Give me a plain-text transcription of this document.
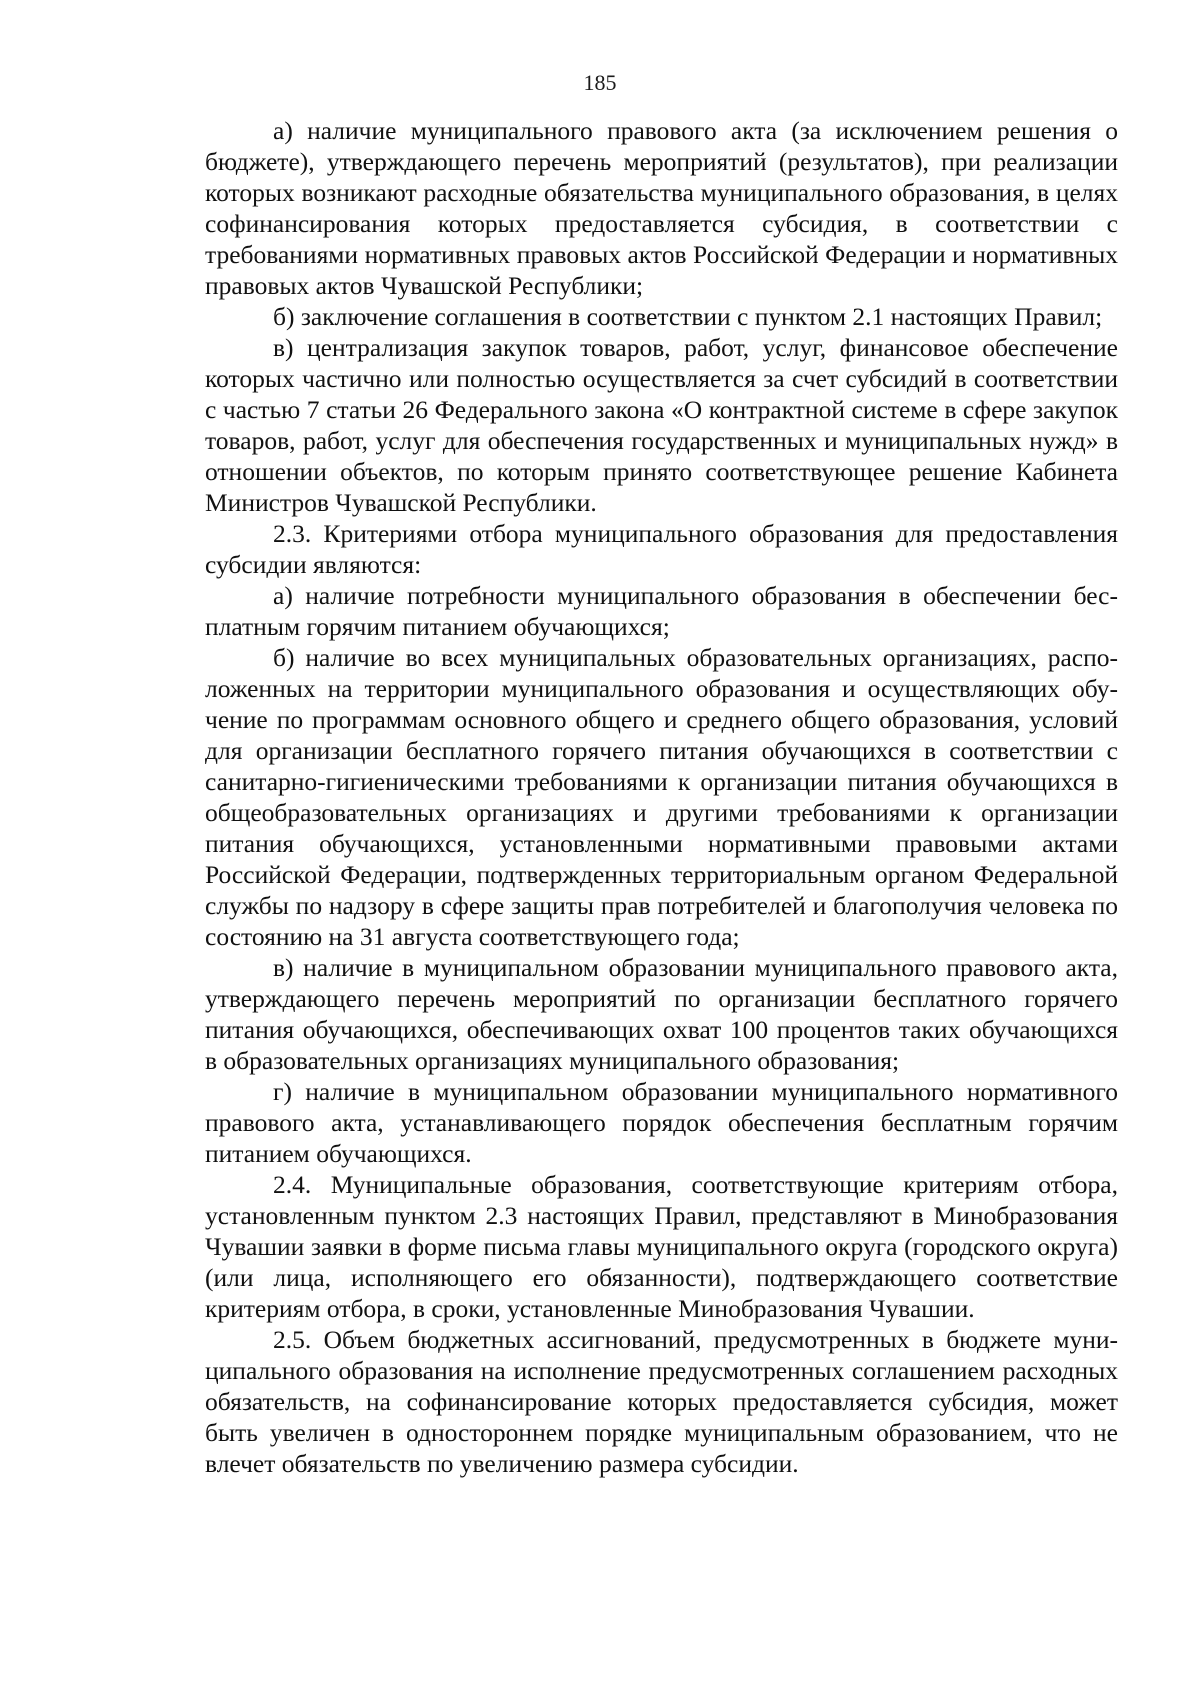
185

а) наличие муниципального правового акта (за исключением решения о бюджете), утверждающего перечень мероприятий (результатов), при реализации которых возникают расходные обязательства муниципального образования, в целях софинансирования которых предоставляется субсидия, в соответствии с требованиями нормативных правовых актов Российской Федерации и нормативных правовых актов Чувашской Республики;

б) заключение соглашения в соответствии с пунктом 2.1 настоящих Правил;

в) централизация закупок товаров, работ, услуг, финансовое обеспечение которых частично или полностью осуществляется за счет субсидий в соответствии с частью 7 статьи 26 Федерального закона «О контрактной системе в сфере закупок товаров, работ, услуг для обеспечения государственных и муниципальных нужд» в отношении объектов, по которым принято соответствующее решение Кабинета Министров Чувашской Республики.

2.3. Критериями отбора муниципального образования для предоставления субсидии являются:

а) наличие потребности муниципального образования в обеспечении бесплатным горячим питанием обучающихся;

б) наличие во всех муниципальных образовательных организациях, расположенных на территории муниципального образования и осуществляющих обучение по программам основного общего и среднего общего образования, условий для организации бесплатного горячего питания обучающихся в соответствии с санитарно-гигиеническими требованиями к организации питания обучающихся в общеобразовательных организациях и другими требованиями к организации питания обучающихся, установленными нормативными правовыми актами Российской Федерации, подтвержденных территориальным органом Федеральной службы по надзору в сфере защиты прав потребителей и благополучия человека по состоянию на 31 августа соответствующего года;

в) наличие в муниципальном образовании муниципального правового акта, утверждающего перечень мероприятий по организации бесплатного горячего питания обучающихся, обеспечивающих охват 100 процентов таких обучающихся в образовательных организациях муниципального образования;

г) наличие в муниципальном образовании муниципального нормативного правового акта, устанавливающего порядок обеспечения бесплатным горячим питанием обучающихся.

2.4. Муниципальные образования, соответствующие критериям отбора, установленным пунктом 2.3 настоящих Правил, представляют в Минобразования Чувашии заявки в форме письма главы муниципального округа (городского округа) (или лица, исполняющего его обязанности), подтверждающего соответствие критериям отбора, в сроки, установленные Минобразования Чувашии.

2.5. Объем бюджетных ассигнований, предусмотренных в бюджете муниципального образования на исполнение предусмотренных соглашением расходных обязательств, на софинансирование которых предоставляется субсидия, может быть увеличен в одностороннем порядке муниципальным образованием, что не влечет обязательств по увеличению размера субсидии.
